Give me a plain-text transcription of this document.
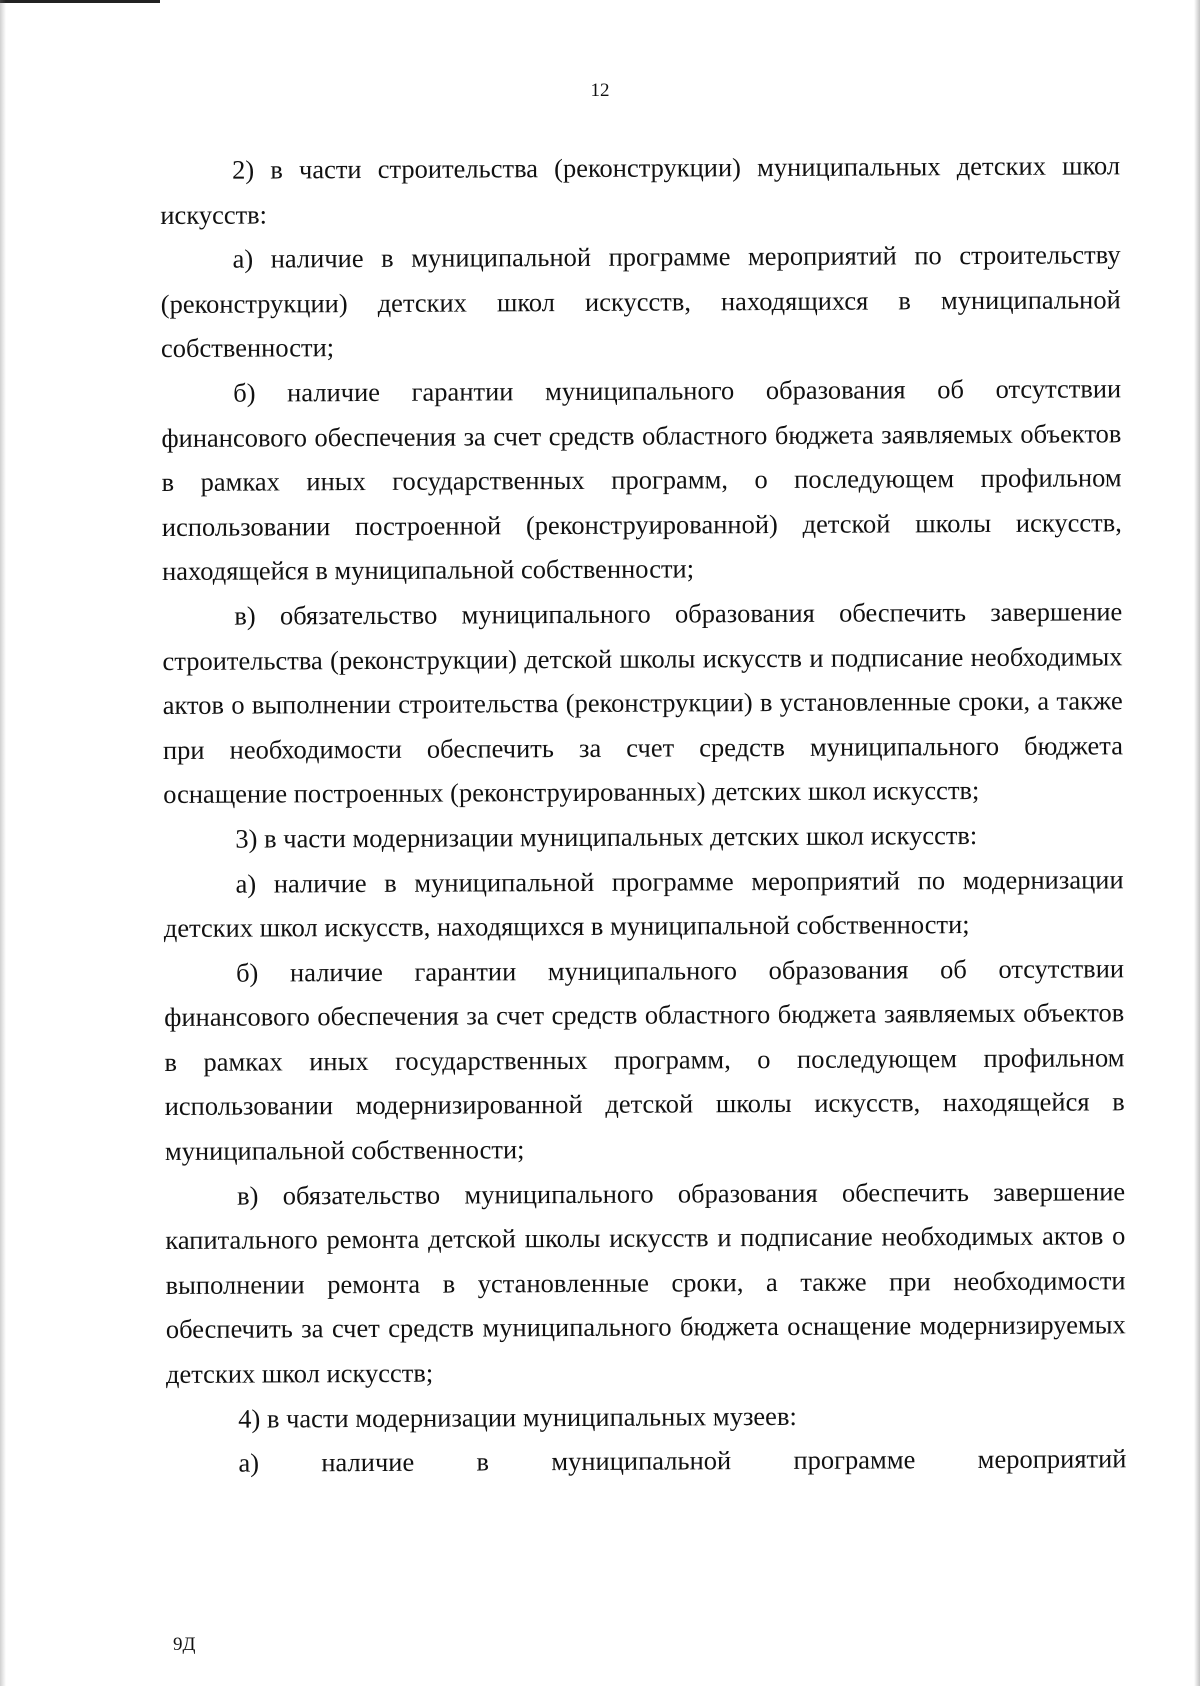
12

2) в части строительства (реконструкции) муниципальных детских школ искусств:

а) наличие в муниципальной программе мероприятий по строительству (реконструкции) детских школ искусств, находящихся в муниципальной собственности;

б) наличие гарантии муниципального образования об отсутствии финансового обеспечения за счет средств областного бюджета заявляемых объектов в рамках иных государственных программ, о последующем профильном использовании построенной (реконструированной) детской школы искусств, находящейся в муниципальной собственности;

в) обязательство муниципального образования обеспечить завершение строительства (реконструкции) детской школы искусств и подписание необходимых актов о выполнении строительства (реконструкции) в установленные сроки, а также при необходимости обеспечить за счет средств муниципального бюджета оснащение построенных (реконструированных) детских школ искусств;

3) в части модернизации муниципальных детских школ искусств:

а) наличие в муниципальной программе мероприятий по модернизации детских школ искусств, находящихся в муниципальной собственности;

б) наличие гарантии муниципального образования об отсутствии финансового обеспечения за счет средств областного бюджета заявляемых объектов в рамках иных государственных программ, о последующем профильном использовании модернизированной детской школы искусств, находящейся в муниципальной собственности;

в) обязательство муниципального образования обеспечить завершение капитального ремонта детской школы искусств и подписание необходимых актов о выполнении ремонта в установленные сроки, а также при необходимости обеспечить за счет средств муниципального бюджета оснащение модернизируемых детских школ искусств;

4) в части модернизации муниципальных музеев:

а) наличие в муниципальной программе мероприятий

9Д
